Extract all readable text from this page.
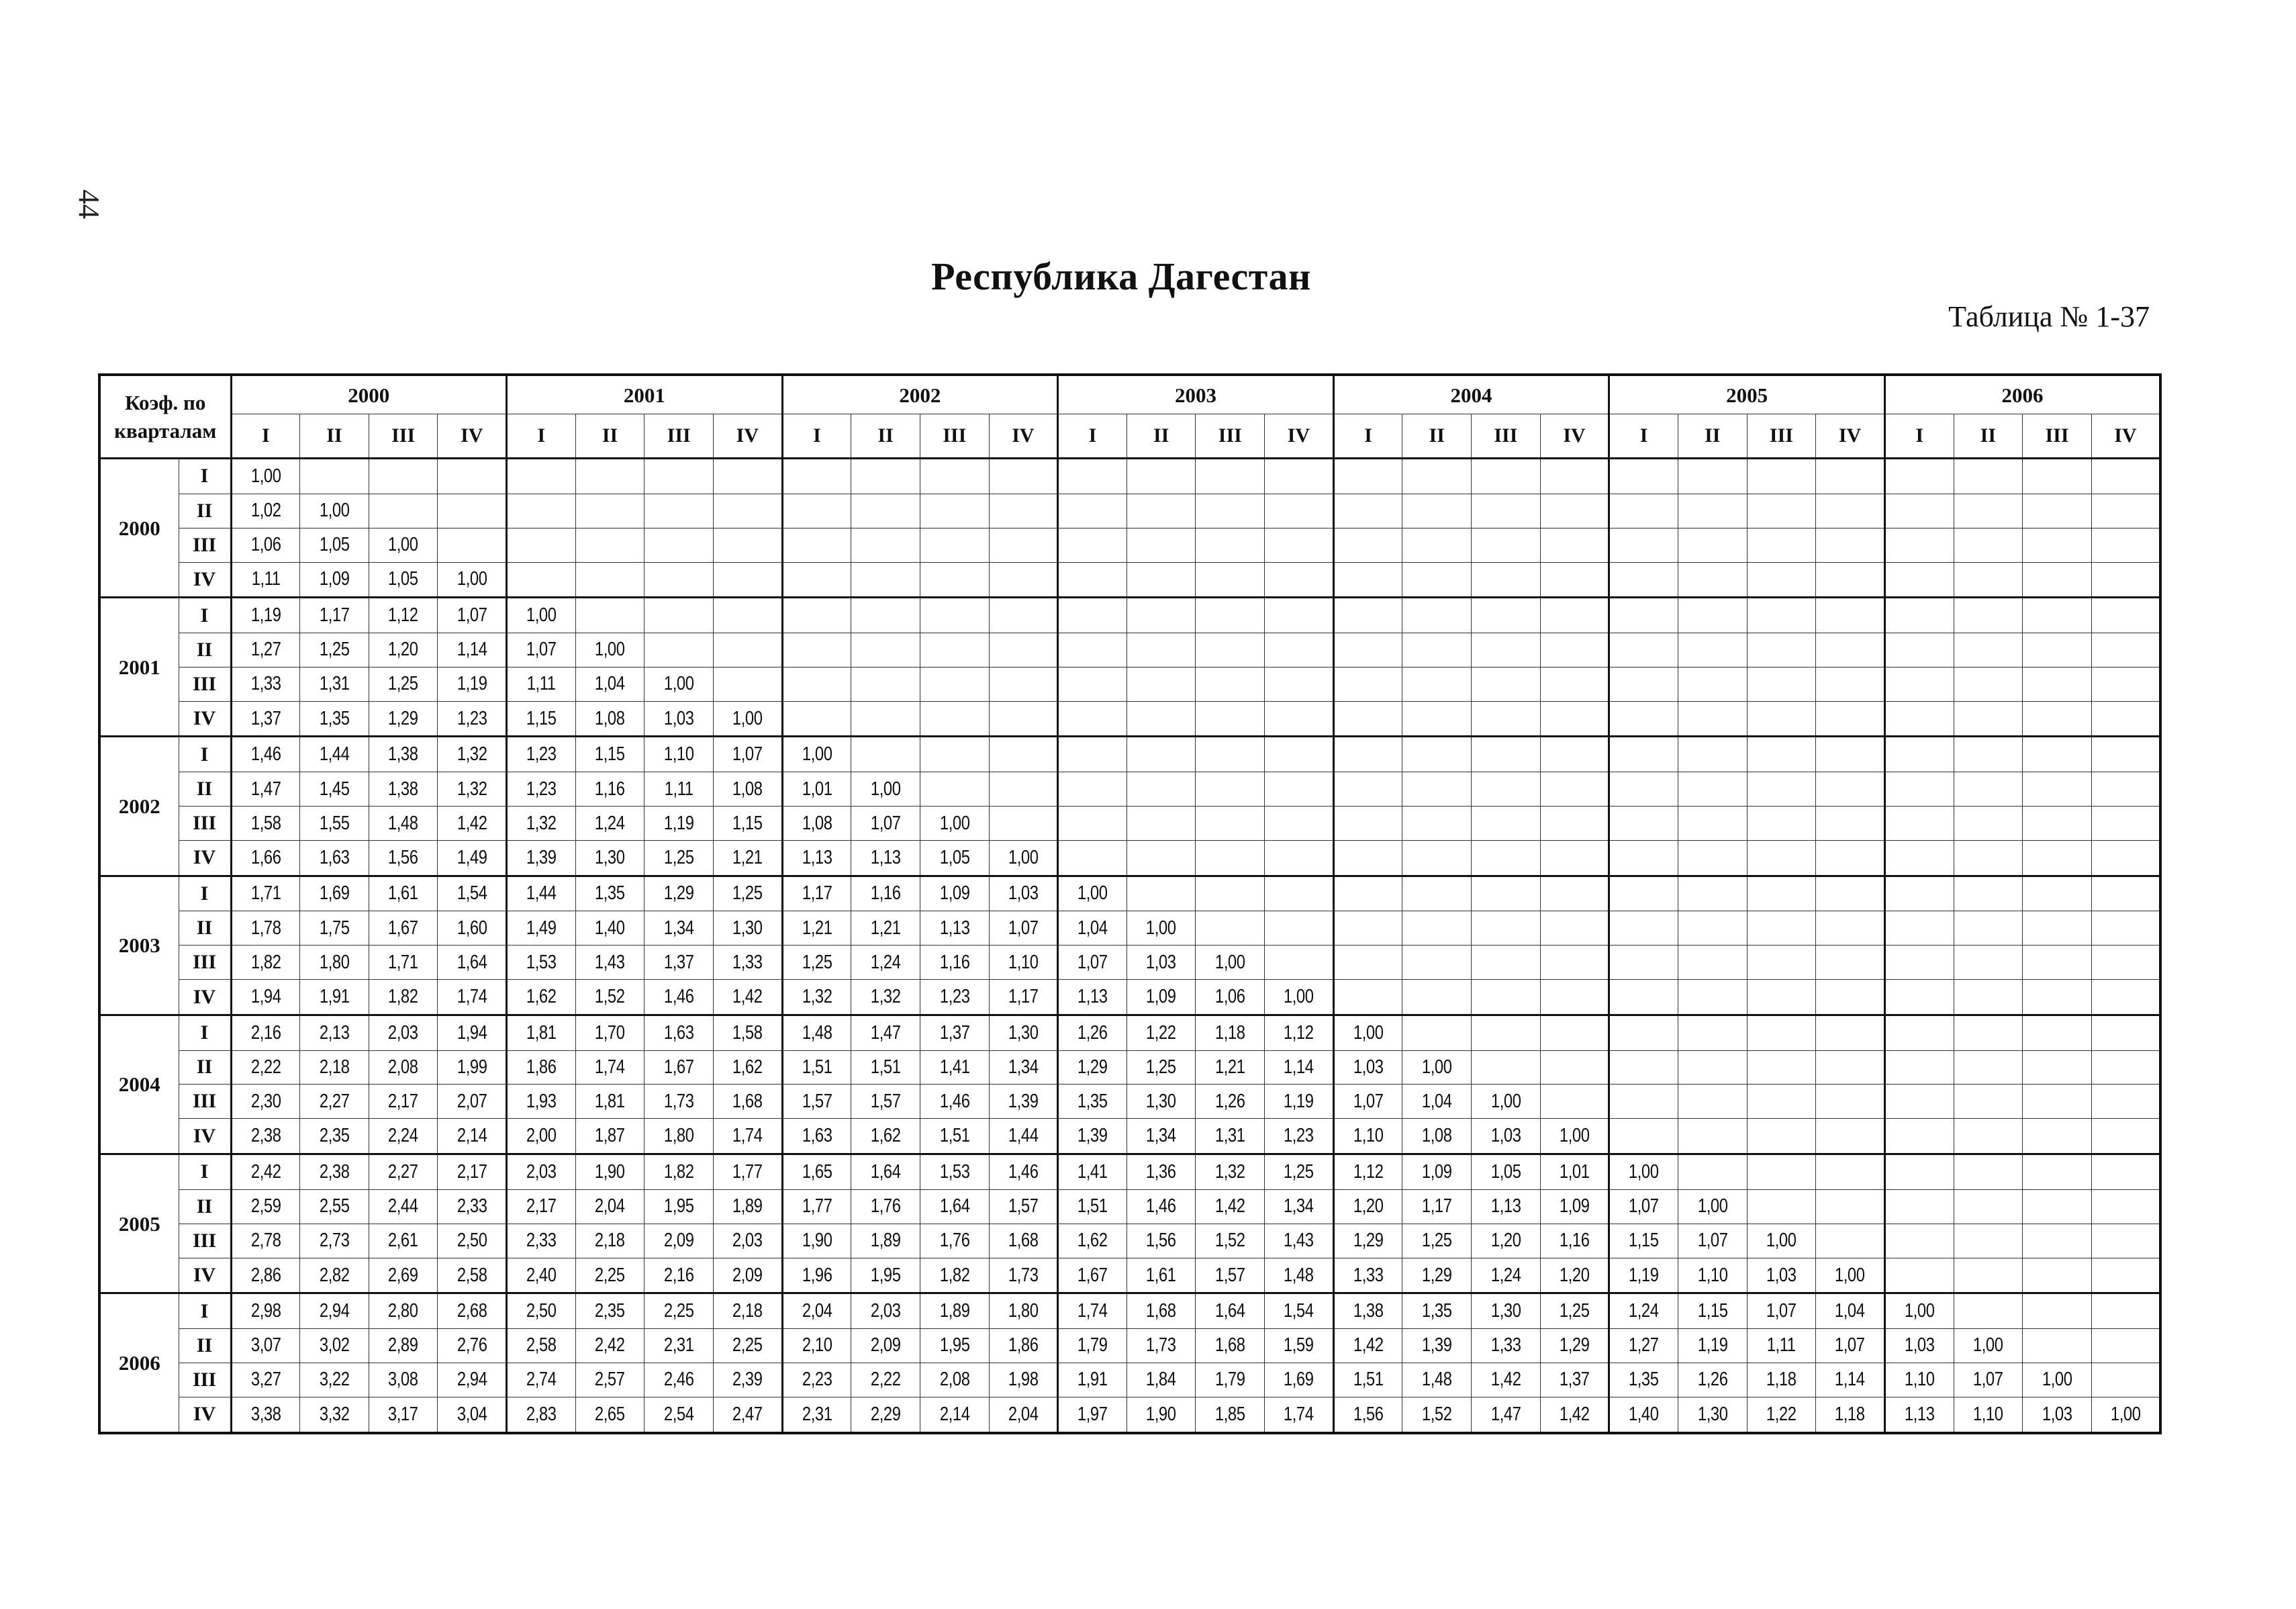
44
Республика Дагестан
Таблица № 1-37
Коэф. по кварталам		2000				2001				2002				2003				2004				2005				2006			
		I	II	III	IV	I	II	III	IV	I	II	III	IV	I	II	III	IV	I	II	III	IV	I	II	III	IV	I	II	III	IV
2000	I	1,00																											
	II	1,02	1,00																										
	III	1,06	1,05	1,00																									
	IV	1,11	1,09	1,05	1,00																								
2001	I	1,19	1,17	1,12	1,07	1,00																							
	II	1,27	1,25	1,20	1,14	1,07	1,00																						
	III	1,33	1,31	1,25	1,19	1,11	1,04	1,00																					
	IV	1,37	1,35	1,29	1,23	1,15	1,08	1,03	1,00																				
2002	I	1,46	1,44	1,38	1,32	1,23	1,15	1,10	1,07	1,00																			
	II	1,47	1,45	1,38	1,32	1,23	1,16	1,11	1,08	1,01	1,00																		
	III	1,58	1,55	1,48	1,42	1,32	1,24	1,19	1,15	1,08	1,07	1,00																	
	IV	1,66	1,63	1,56	1,49	1,39	1,30	1,25	1,21	1,13	1,13	1,05	1,00																
2003	I	1,71	1,69	1,61	1,54	1,44	1,35	1,29	1,25	1,17	1,16	1,09	1,03	1,00															
	II	1,78	1,75	1,67	1,60	1,49	1,40	1,34	1,30	1,21	1,21	1,13	1,07	1,04	1,00														
	III	1,82	1,80	1,71	1,64	1,53	1,43	1,37	1,33	1,25	1,24	1,16	1,10	1,07	1,03	1,00													
	IV	1,94	1,91	1,82	1,74	1,62	1,52	1,46	1,42	1,32	1,32	1,23	1,17	1,13	1,09	1,06	1,00												
2004	I	2,16	2,13	2,03	1,94	1,81	1,70	1,63	1,58	1,48	1,47	1,37	1,30	1,26	1,22	1,18	1,12	1,00											
	II	2,22	2,18	2,08	1,99	1,86	1,74	1,67	1,62	1,51	1,51	1,41	1,34	1,29	1,25	1,21	1,14	1,03	1,00										
	III	2,30	2,27	2,17	2,07	1,93	1,81	1,73	1,68	1,57	1,57	1,46	1,39	1,35	1,30	1,26	1,19	1,07	1,04	1,00									
	IV	2,38	2,35	2,24	2,14	2,00	1,87	1,80	1,74	1,63	1,62	1,51	1,44	1,39	1,34	1,31	1,23	1,10	1,08	1,03	1,00								
2005	I	2,42	2,38	2,27	2,17	2,03	1,90	1,82	1,77	1,65	1,64	1,53	1,46	1,41	1,36	1,32	1,25	1,12	1,09	1,05	1,01	1,00							
	II	2,59	2,55	2,44	2,33	2,17	2,04	1,95	1,89	1,77	1,76	1,64	1,57	1,51	1,46	1,42	1,34	1,20	1,17	1,13	1,09	1,07	1,00						
	III	2,78	2,73	2,61	2,50	2,33	2,18	2,09	2,03	1,90	1,89	1,76	1,68	1,62	1,56	1,52	1,43	1,29	1,25	1,20	1,16	1,15	1,07	1,00					
	IV	2,86	2,82	2,69	2,58	2,40	2,25	2,16	2,09	1,96	1,95	1,82	1,73	1,67	1,61	1,57	1,48	1,33	1,29	1,24	1,20	1,19	1,10	1,03	1,00				
2006	I	2,98	2,94	2,80	2,68	2,50	2,35	2,25	2,18	2,04	2,03	1,89	1,80	1,74	1,68	1,64	1,54	1,38	1,35	1,30	1,25	1,24	1,15	1,07	1,04	1,00			
	II	3,07	3,02	2,89	2,76	2,58	2,42	2,31	2,25	2,10	2,09	1,95	1,86	1,79	1,73	1,68	1,59	1,42	1,39	1,33	1,29	1,27	1,19	1,11	1,07	1,03	1,00		
	III	3,27	3,22	3,08	2,94	2,74	2,57	2,46	2,39	2,23	2,22	2,08	1,98	1,91	1,84	1,79	1,69	1,51	1,48	1,42	1,37	1,35	1,26	1,18	1,14	1,10	1,07	1,00	
	IV	3,38	3,32	3,17	3,04	2,83	2,65	2,54	2,47	2,31	2,29	2,14	2,04	1,97	1,90	1,85	1,74	1,56	1,52	1,47	1,42	1,40	1,30	1,22	1,18	1,13	1,10	1,03	1,00
